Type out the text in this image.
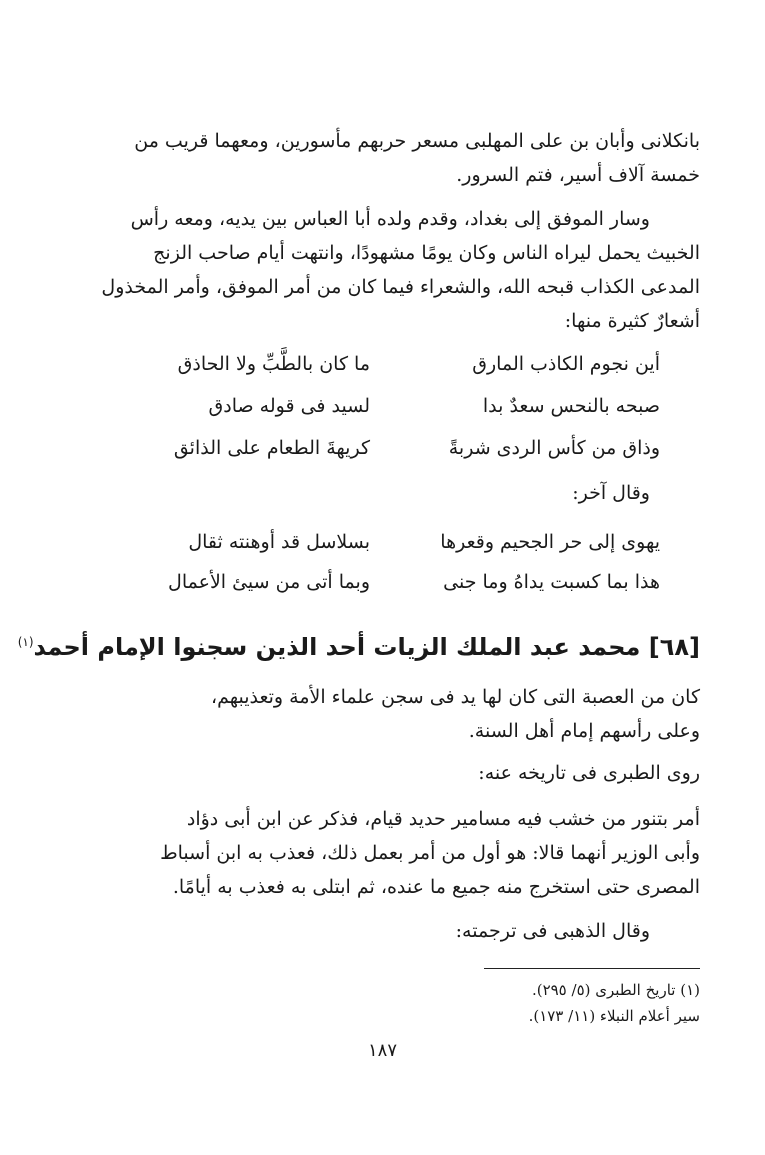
بانكلانى وأبان بن على المهلبى مسعر حربهم مأسورين، ومعهما قريب من
خمسة آلاف أسير، فتم السرور.
وسار الموفق إلى بغداد، وقدم ولده أبا العباس بين يديه، ومعه رأس
الخبيث يحمل ليراه الناس وكان يومًا مشهودًا، وانتهت أيام صاحب الزنج
المدعى الكذاب قبحه الله، والشعراء فيما كان من أمر الموفق، وأمر المخذول
أشعارٌ كثيرة منها:
أين نجوم الكاذب المارق
ما كان بالطَّبِّ ولا الحاذق
صبحه بالنحس سعدٌ بدا
لسيد فى قوله صادق
وذاق من كأس الردى شربةً
كريهةَ الطعام على الذائق
وقال آخر:
يهوى إلى حر الجحيم وقعرها
بسلاسل قد أوهنته ثقال
هذا بما كسبت يداهُ وما جنى
وبما أتى من سيئ الأعمال
[٦٨] محمد عبد الملك الزيات أحد الذين سجنوا الإمام أحمد$^{(١)}$
كان من العصبة التى كان لها يد فى سجن علماء الأمة وتعذيبهم،
وعلى رأسهم إمام أهل السنة.
روى الطبرى فى تاريخه عنه:
أمر بتنور من خشب فيه مسامير حديد قيام، فذكر عن ابن أبى دؤاد
وأبى الوزير أنهما قالا: هو أول من أمر بعمل ذلك، فعذب به ابن أسباط
المصرى حتى استخرج منه جميع ما عنده، ثم ابتلى به فعذب به أيامًا.
وقال الذهبى فى ترجمته:
(١) تاريخ الطبرى (٥/ ٢٩٥).
سير أعلام النبلاء (١١/ ١٧٣).
١٨٧
